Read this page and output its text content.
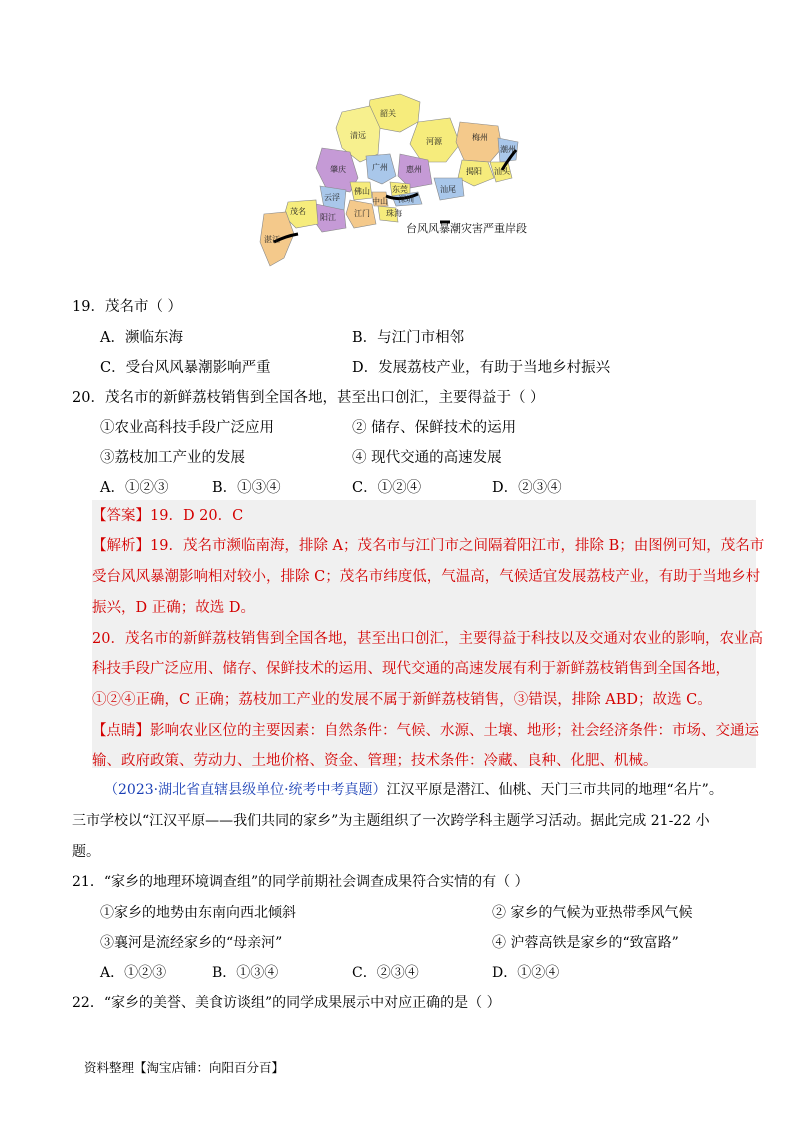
韶关
清远
河源	梅州
潮州
肇庆	广州 惠州	揭阳 汕头
云浮
佛山	东莞	汕尾
中山 深圳
茂名
阳江 江门 珠海
湛江
台风风暴潮灾害严重岸段
19．茂名市（ ）
A．濒临东海	B．与江门市相邻
C．受台风风暴潮影响严重	D．发展荔枝产业，有助于当地乡村振兴
20．茂名市的新鲜荔枝销售到全国各地，甚至出口创汇，主要得益于（ ）
①农业高科技手段广泛应用	② 储存、保鲜技术的运用
③荔枝加工产业的发展	④ 现代交通的高速发展
A．①②③	B．①③④	C．①②④	D．②③④
【答案】19．D 20．C
【解析】19．茂名市濒临南海，排除 A；茂名市与江门市之间隔着阳江市，排除 B；由图例可知，茂名市
受台风风暴潮影响相对较小，排除 C；茂名市纬度低，气温高，气候适宜发展荔枝产业，有助于当地乡村
振兴，D 正确；故选 D。
20．茂名市的新鲜荔枝销售到全国各地，甚至出口创汇，主要得益于科技以及交通对农业的影响，农业高
科技手段广泛应用、储存、保鲜技术的运用、现代交通的高速发展有利于新鲜荔枝销售到全国各地，
①②④正确，C 正确；荔枝加工产业的发展不属于新鲜荔枝销售，③错误，排除 ABD；故选 C。
【点睛】影响农业区位的主要因素：自然条件：气候、水源、土壤、地形；社会经济条件：市场、交通运
输、政府政策、劳动力、土地价格、资金、管理；技术条件：冷藏、良种、化肥、机械。
（2023·湖北省直辖县级单位·统考中考真题）江汉平原是潜江、仙桃、天门三市共同的地理“名片”。
三市学校以“江汉平原——我们共同的家乡”为主题组织了一次跨学科主题学习活动。据此完成 21-22 小
题。
21．“家乡的地理环境调查组”的同学前期社会调查成果符合实情的有（ ）
①家乡的地势由东南向西北倾斜	② 家乡的气候为亚热带季风气候
③襄河是流经家乡的“母亲河”	④ 沪蓉高铁是家乡的“致富路”
A．①②③	B．①③④	C．②③④	D．①②④
22．“家乡的美誉、美食访谈组”的同学成果展示中对应正确的是（ ）
资料整理【淘宝店铺：向阳百分百】
